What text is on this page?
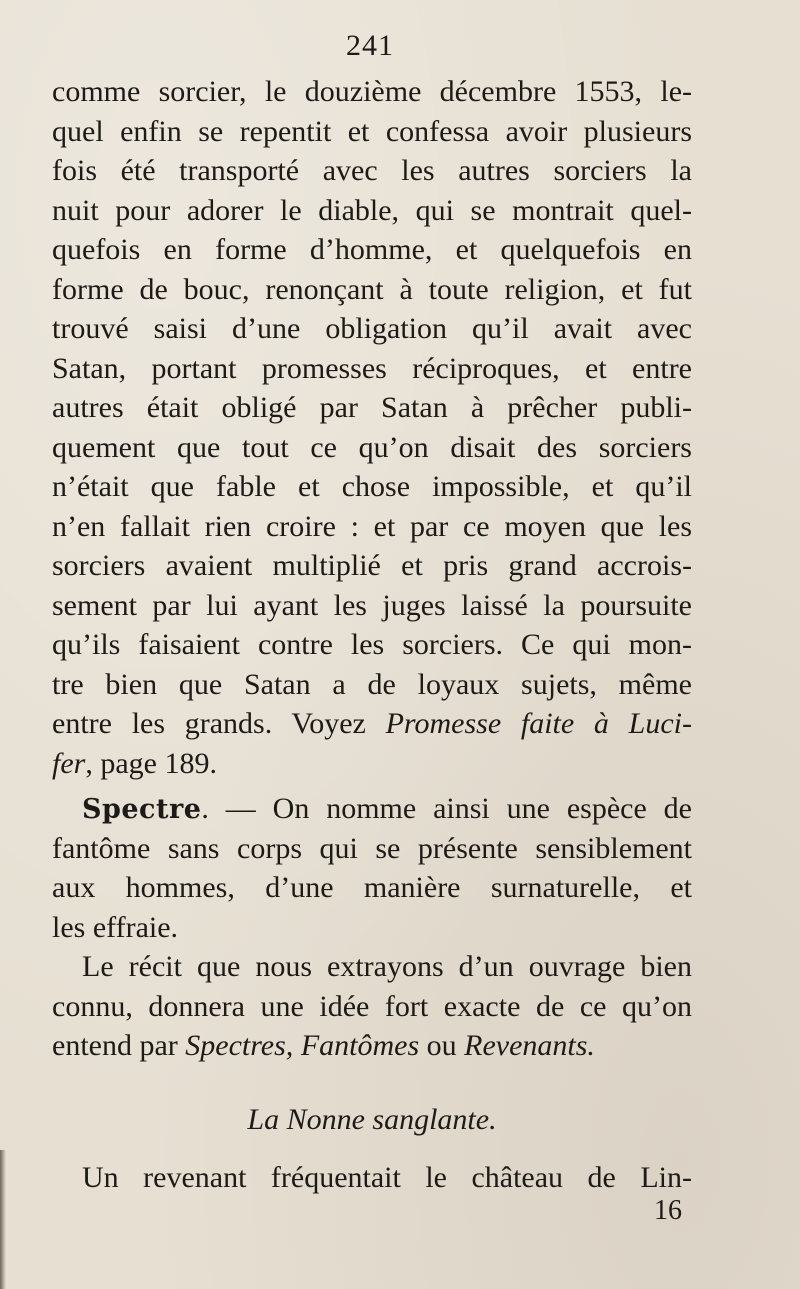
241
comme sorcier, le douzième décembre 1553, le-
quel enfin se repentit et confessa avoir plusieurs
fois été transporté avec les autres sorciers la
nuit pour adorer le diable, qui se montrait quel-
quefois en forme d’homme, et quelquefois en
forme de bouc, renonçant à toute religion, et fut
trouvé saisi d’une obligation qu’il avait avec
Satan, portant promesses réciproques, et entre
autres était obligé par Satan à prêcher publi-
quement que tout ce qu’on disait des sorciers
n’était que fable et chose impossible, et qu’il
n’en fallait rien croire : et par ce moyen que les
sorciers avaient multiplié et pris grand accrois-
sement par lui ayant les juges laissé la poursuite
qu’ils faisaient contre les sorciers. Ce qui mon-
tre bien que Satan a de loyaux sujets, même
entre les grands. Voyez Promesse faite à Luci-
fer, page 189.
Spectre. — On nomme ainsi une espèce de
fantôme sans corps qui se présente sensiblement
aux hommes, d’une manière surnaturelle, et
les effraie.
Le récit que nous extrayons d’un ouvrage bien
connu, donnera une idée fort exacte de ce qu’on
entend par Spectres, Fantômes ou Revenants.
La Nonne sanglante.
Un revenant fréquentait le château de Lin-
16
